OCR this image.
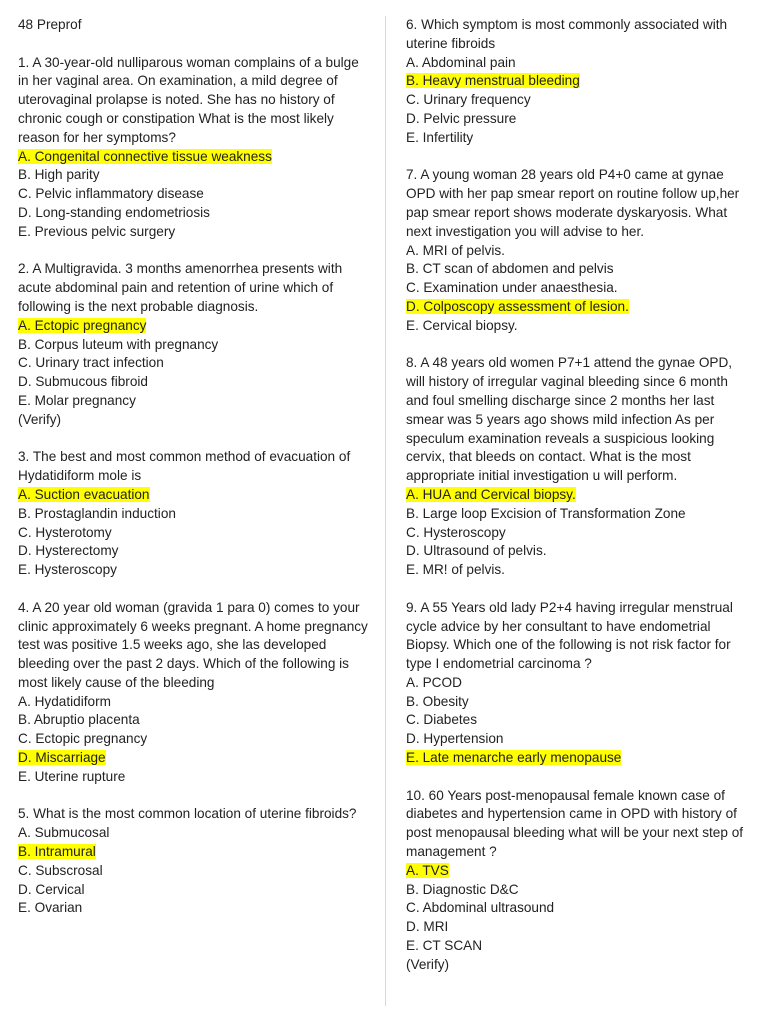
48 Preprof

1. A 30-year-old nulliparous woman complains of a bulge in her vaginal area. On examination, a mild degree of uterovaginal prolapse is noted. She has no history of chronic cough or constipation What is the most likely reason for her symptoms?

A. Congenital connective tissue weakness
B. High parity
C. Pelvic inflammatory disease
D. Long-standing endometriosis
E. Previous pelvic surgery

2. A Multigravida. 3 months amenorrhea presents with acute abdominal pain and retention of urine which of following is the next probable diagnosis.

A. Ectopic pregnancy
B. Corpus luteum with pregnancy
C. Urinary tract infection
D. Submucous fibroid
E. Molar pregnancy

(Verify)

3. The best and most common method of evacuation of Hydatidiform mole is

A. Suction evacuation
B. Prostaglandin induction
C. Hysterotomy
D. Hysterectomy
E. Hysteroscopy

4. A 20 year old woman (gravida 1 para 0) comes to your clinic approximately 6 weeks pregnant. A home pregnancy test was positive 1.5 weeks ago, she las developed bleeding over the past 2 days. Which of the following is most likely cause of the bleeding

A. Hydatidiform
B. Abruptio placenta
C. Ectopic pregnancy
D. Miscarriage
E. Uterine rupture

5. What is the most common location of uterine fibroids?

A. Submucosal
B. Intramural
C. Subscrosal
D. Cervical
E. Ovarian

6. Which symptom is most commonly associated with uterine fibroids

A. Abdominal pain
B. Heavy menstrual bleeding
C. Urinary frequency
D. Pelvic pressure
E. Infertility

7. A young woman 28 years old P4+0 came at gynae OPD with her pap smear report on routine follow up,her pap smear report shows moderate dyskaryosis. What next investigation you will advise to her.

A. MRI of pelvis.
B. CT scan of abdomen and pelvis
C. Examination under anaesthesia.
D. Colposcopy assessment of lesion.
E. Cervical biopsy.

8. A 48 years old women P7+1 attend the gynae OPD, will history of irregular vaginal bleeding since 6 month and foul smelling discharge since 2 months her last smear was 5 years ago shows mild infection As per speculum examination reveals a suspicious looking cervix, that bleeds on contact. What is the most appropriate initial investigation u will perform.

A. HUA and Cervical biopsy.
B. Large loop Excision of Transformation Zone
C. Hysteroscopy
D. Ultrasound of pelvis.
E. MR! of pelvis.

9. A 55 Years old lady P2+4 having irregular menstrual cycle advice by her consultant to have endometrial Biopsy. Which one of the following is not risk factor for type I endometrial carcinoma ?

A. PCOD
B. Obesity
C. Diabetes
D. Hypertension
E. Late menarche early menopause

10. 60 Years post-menopausal female known case of diabetes and hypertension came in OPD with history of post menopausal bleeding what will be your next step of management ?

A. TVS
B. Diagnostic D&C
C. Abdominal ultrasound
D. MRI
E. CT SCAN

(Verify)
